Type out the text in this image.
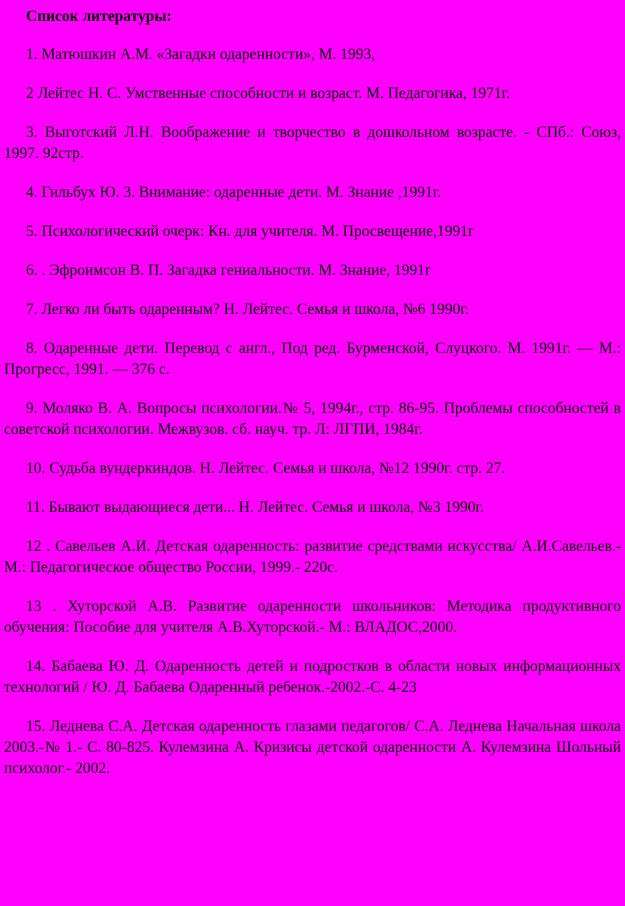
Список литературы:
1. Матюшкин А.М. «Загадки одаренности», М. 1993,
2 Лейтес Н. С. Умственные способности и возраст. М. Педагогика, 1971г.
3. Выготский Л.Н. Воображение и творчество в дошкольном возрасте. - СПб.: Союз, 1997. 92стр.
4. Гильбух Ю. 3. Внимание: одаренные дети. М. Знание ,1991г.
5. Психологический очерк: Кн. для учителя. М. Просвещение,1991г
6. . Эфроимсон В. П. Загадка гениальности. М. Знание, 1991г
7. Легко ли быть одаренным? Н. Лейтес. Семья и школа, №6 1990г.
8. Одаренные дети. Перевод с англ., Под ред. Бурменской, Слуцкого. М. 1991г. — М.: Прогресс, 1991. — 376 с.
9. Моляко В. А. Вопросы психологии.№ 5, 1994г., стр. 86-95. Проблемы способностей в советской психологии. Межвузов. сб. науч. тр. Л: ЛГПИ, 1984г.
10. Судьба вундеркиндов. Н. Лейтес. Семья и школа, №12 1990г. стр. 27.
11. Бывают выдающиеся дети... Н. Лейтес. Семья и школа, №3 1990г.
12 . Савельев А.И. Детская одаренность: развитие средствами искусства/ А.И.Савельев.- М.: Педагогическое общество России, 1999.- 220с.
13 . Хуторской А.В. Развитие одаренности школьников: Методика продуктивного обучения: Пособие для учителя А.В.Хуторской.- М.: ВЛАДОС,2000.
14. Бабаева Ю. Д. Одаренность детей и подростков в области новых информационных технологий / Ю. Д. Бабаева Одаренный ребенок.-2002.-С. 4-23
15. Леднева С.А. Детская одаренность глазами педагогов/ С.А. Леднева Начальная школа 2003.-№ 1.- С. 80-825. Кулемзина А. Кризисы детской одаренности А. Кулемзина Шольный психолог.- 2002.
